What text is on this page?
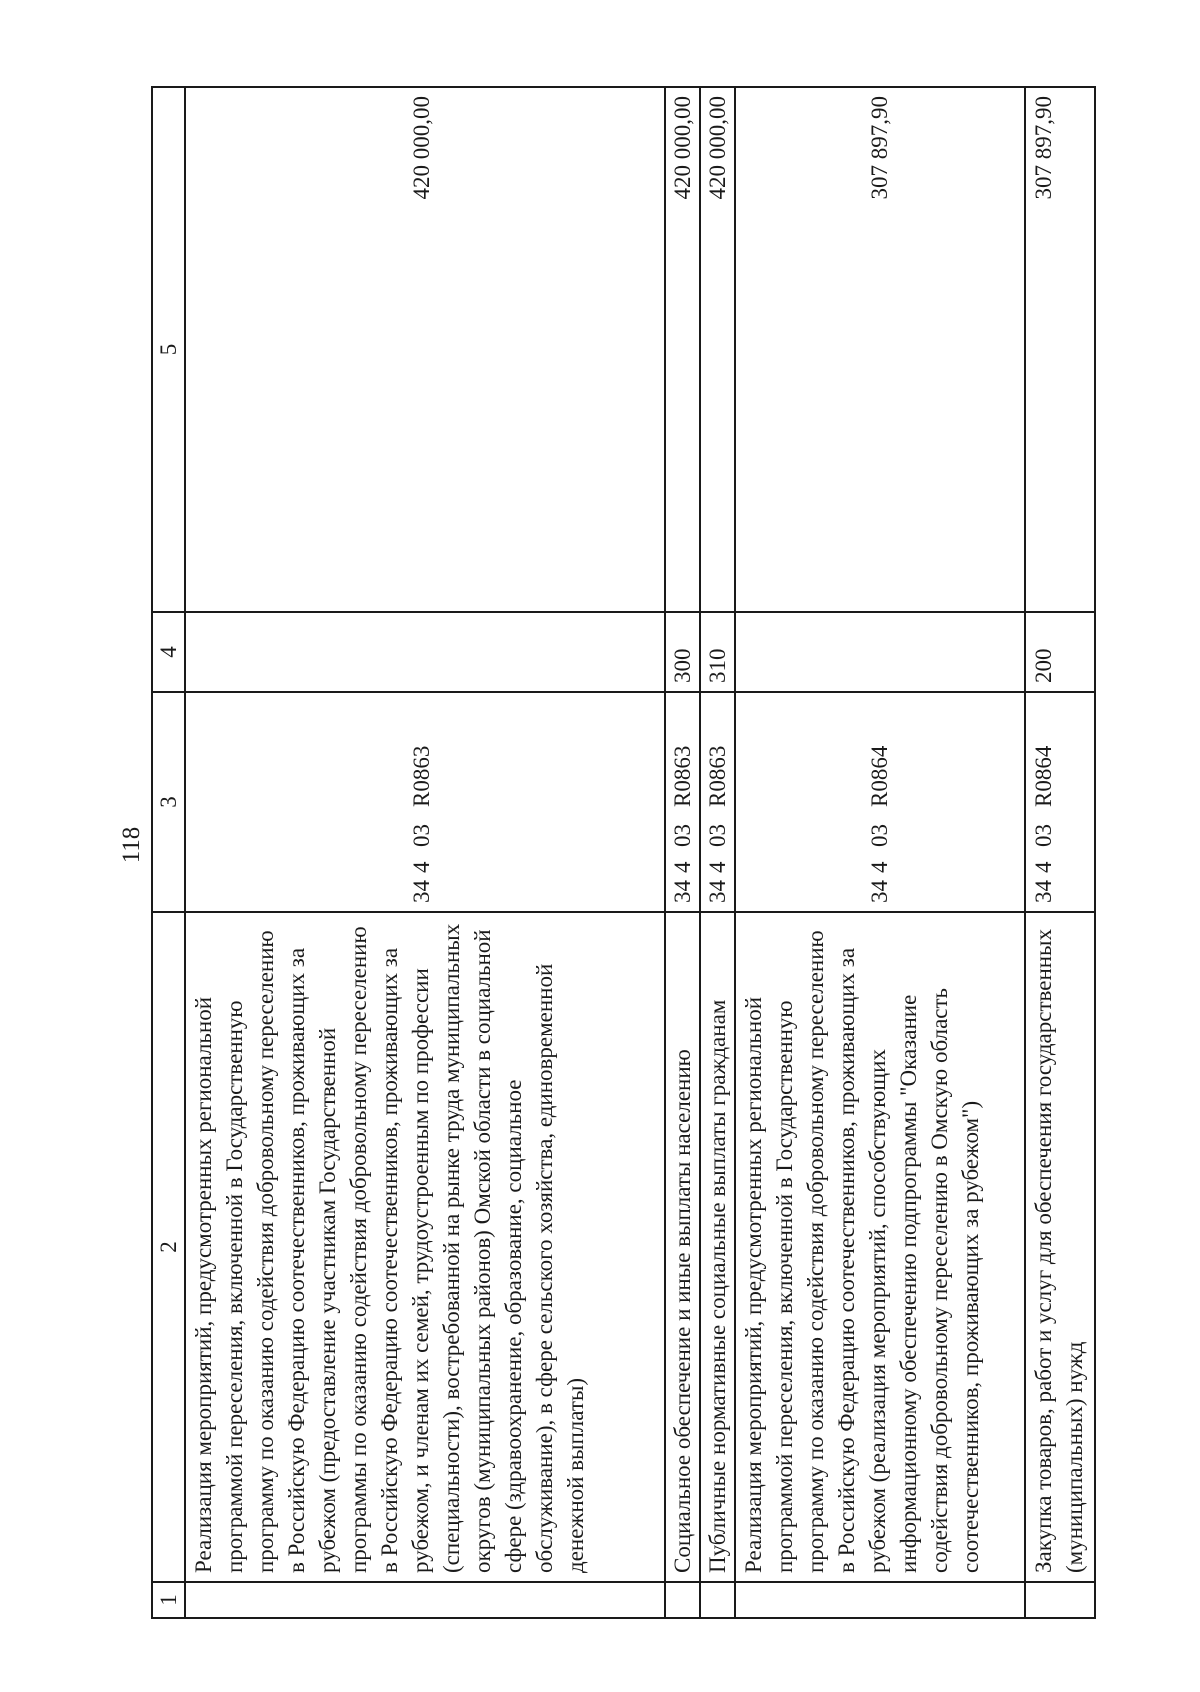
118
1	2	3	4	5
	Реализация мероприятий, предусмотренных региональной программой переселения, включенной в Государственную программу по оказанию содействия добровольному переселению в Российскую Федерацию соотечественников, проживающих за рубежом (предоставление участникам Государственной программы по оказанию содействия добровольному переселению в Российскую Федерацию соотечественников, проживающих за рубежом, и членам их семей, трудоустроенным по профессии (специальности), востребованной на рынке труда муниципальных округов (муниципальных районов) Омской области в социальной сфере (здравоохранение, образование, социальное обслуживание), в сфере сельского хозяйства, единовременной денежной выплаты)	34403R0863		420 000,00
	Социальное обеспечение и иные выплаты населению	34403R0863	300	420 000,00
	Публичные нормативные социальные выплаты гражданам	34403R0863	310	420 000,00
	Реализация мероприятий, предусмотренных региональной программой переселения, включенной в Государственную программу по оказанию содействия добровольному переселению в Российскую Федерацию соотечественников, проживающих за рубежом (реализация мероприятий, способствующих информационному обеспечению подпрограммы "Оказание содействия добровольному переселению в Омскую область соотечественников, проживающих за рубежом")	34403R0864		307 897,90
	Закупка товаров, работ и услуг для обеспечения государственных (муниципальных) нужд	34403R0864	200	307 897,90
